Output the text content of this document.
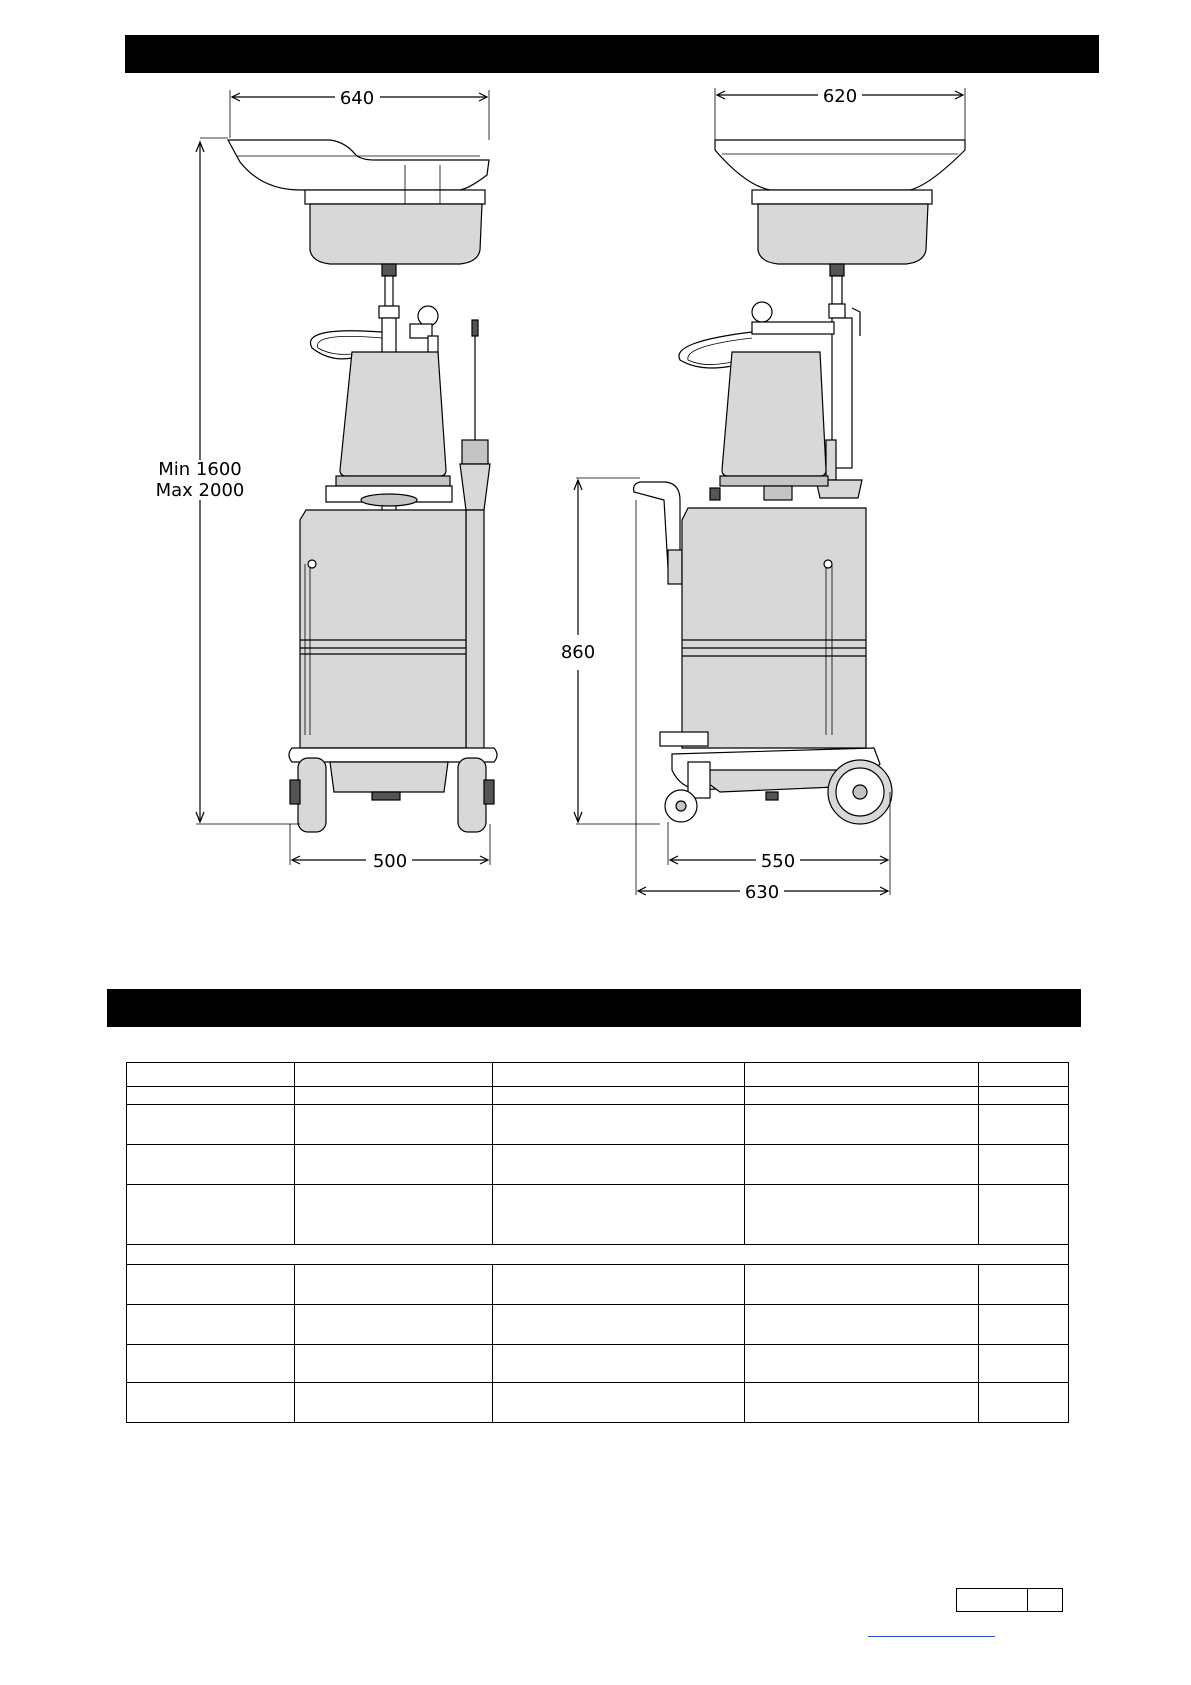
640
Min 1600
Max 2000
500
620
860
550
630
